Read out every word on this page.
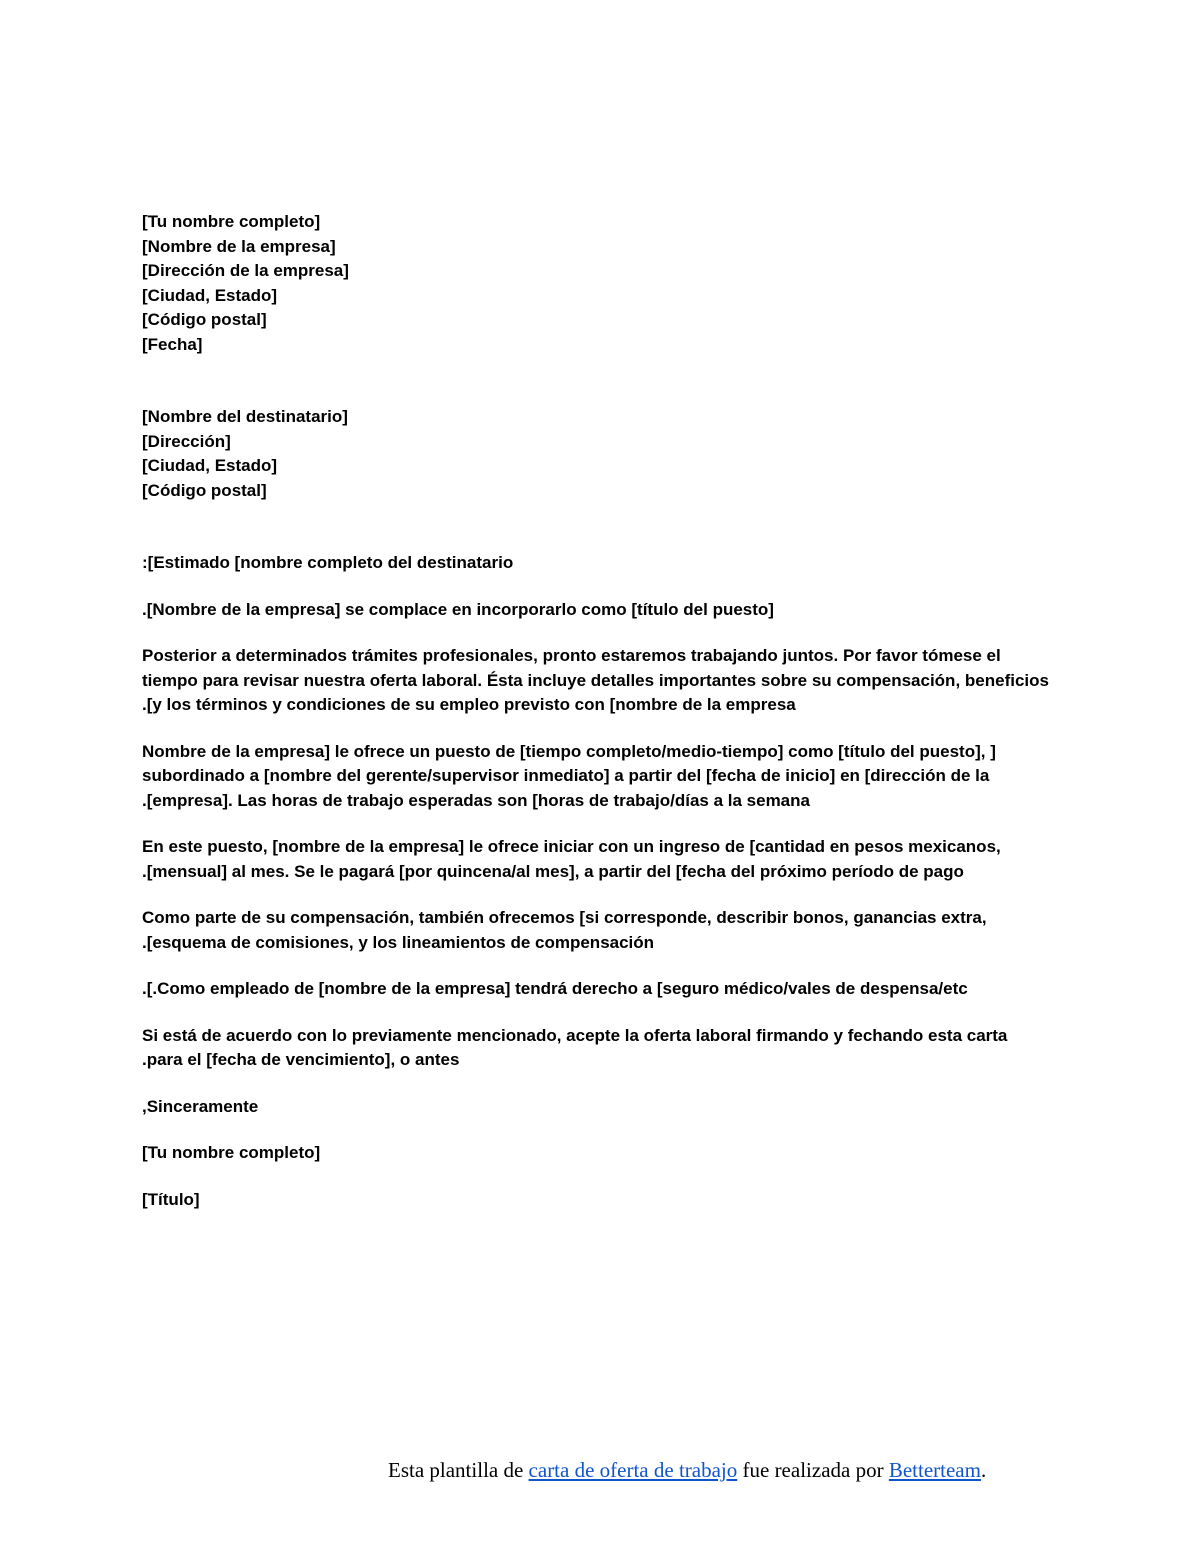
[Tu nombre completo]
[Nombre de la empresa]
[Dirección de la empresa]
[Ciudad, Estado]
[Código postal]
[Fecha]
[Nombre del destinatario]
[Dirección]
[Ciudad, Estado]
[Código postal]
:[Estimado [nombre completo del destinatario
.[Nombre de la empresa] se complace en incorporarlo como [título del puesto]
Posterior a determinados trámites profesionales, pronto estaremos trabajando juntos. Por favor tómese el
tiempo para revisar nuestra oferta laboral. Ésta incluye detalles importantes sobre su compensación, beneficios
.[y los términos y condiciones de su empleo previsto con [nombre de la empresa
Nombre de la empresa] le ofrece un puesto de [tiempo completo/medio-tiempo] como [título del puesto], ]
subordinado a [nombre del gerente/supervisor inmediato] a partir del [fecha de inicio] en [dirección de la
.[empresa]. Las horas de trabajo esperadas son [horas de trabajo/días a la semana
En este puesto, [nombre de la empresa] le ofrece iniciar con un ingreso de [cantidad en pesos mexicanos,
.[mensual] al mes. Se le pagará [por quincena/al mes], a partir del [fecha del próximo período de pago
Como parte de su compensación, también ofrecemos [si corresponde, describir bonos, ganancias extra,
.[esquema de comisiones, y los lineamientos de compensación
.[.Como empleado de [nombre de la empresa] tendrá derecho a [seguro médico/vales de despensa/etc
Si está de acuerdo con lo previamente mencionado, acepte la oferta laboral firmando y fechando esta carta
.para el [fecha de vencimiento], o antes
,Sinceramente
[Tu nombre completo]
[Título]
Esta plantilla de carta de oferta de trabajo fue realizada por Betterteam.
